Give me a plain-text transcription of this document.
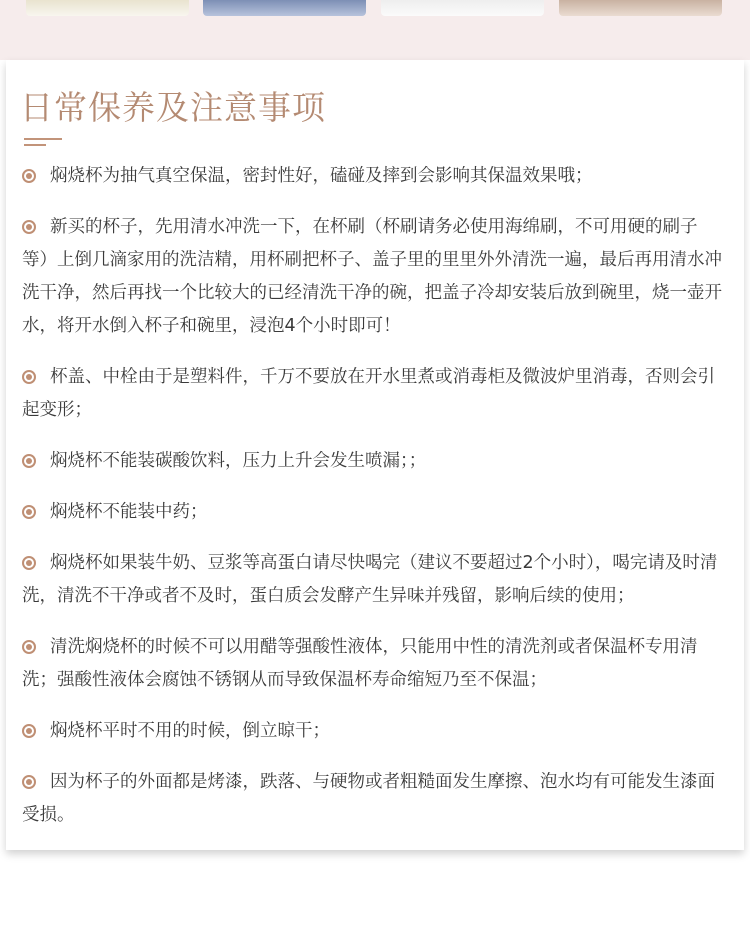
日常保养及注意事项
焖烧杯为抽气真空保温，密封性好，磕碰及摔到会影响其保温效果哦；
新买的杯子，先用清水冲洗一下，在杯刷（杯刷请务必使用海绵刷，不可用硬的刷子等）上倒几滴家用的洗洁精，用杯刷把杯子、盖子里的里里外外清洗一遍，最后再用清水冲洗干净，然后再找一个比较大的已经清洗干净的碗，把盖子冷却安装后放到碗里，烧一壶开水，将开水倒入杯子和碗里，浸泡4个小时即可！
杯盖、中栓由于是塑料件，千万不要放在开水里煮或消毒柜及微波炉里消毒，否则会引起变形；
焖烧杯不能装碳酸饮料，压力上升会发生喷漏；；
焖烧杯不能装中药；
焖烧杯如果装牛奶、豆浆等高蛋白请尽快喝完（建议不要超过2个小时），喝完请及时清洗，清洗不干净或者不及时，蛋白质会发酵产生异味并残留，影响后续的使用；
清洗焖烧杯的时候不可以用醋等强酸性液体，只能用中性的清洗剂或者保温杯专用清洗；强酸性液体会腐蚀不锈钢从而导致保温杯寿命缩短乃至不保温；
焖烧杯平时不用的时候，倒立晾干；
因为杯子的外面都是烤漆，跌落、与硬物或者粗糙面发生摩擦、泡水均有可能发生漆面受损。
